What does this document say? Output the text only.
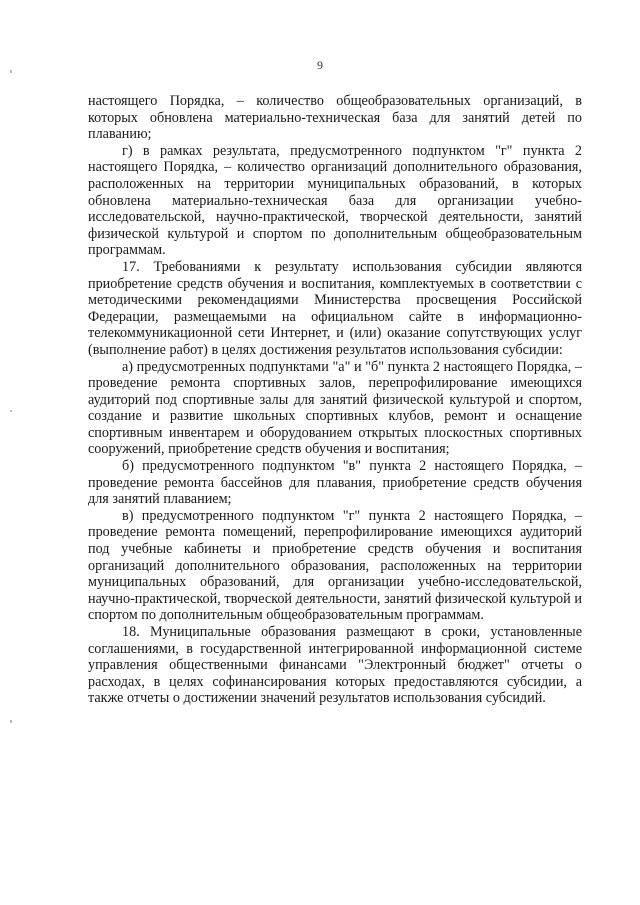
9

настоящего Порядка, – количество общеобразовательных организаций, в которых обновлена материально-техническая база для занятий детей по плаванию;

г) в рамках результата, предусмотренного подпунктом "г" пункта 2 настоящего Порядка, – количество организаций дополнительного образования, расположенных на территории муниципальных образований, в которых обновлена материально-техническая база для организации учебно-исследовательской, научно-практической, творческой деятельности, занятий физической культурой и спортом по дополнительным общеобразовательным программам.

17. Требованиями к результату использования субсидии являются приобретение средств обучения и воспитания, комплектуемых в соответствии с методическими рекомендациями Министерства просвещения Российской Федерации, размещаемыми на официальном сайте в информационно-телекоммуникационной сети Интернет, и (или) оказание сопутствующих услуг (выполнение работ) в целях достижения результатов использования субсидии:

а) предусмотренных подпунктами "а" и "б" пункта 2 настоящего Порядка, – проведение ремонта спортивных залов, перепрофилирование имеющихся аудиторий под спортивные залы для занятий физической культурой и спортом, создание и развитие школьных спортивных клубов, ремонт и оснащение спортивным инвентарем и оборудованием открытых плоскостных спортивных сооружений, приобретение средств обучения и воспитания;

б) предусмотренного подпунктом "в" пункта 2 настоящего Порядка, – проведение ремонта бассейнов для плавания, приобретение средств обучения для занятий плаванием;

в) предусмотренного подпунктом "г" пункта 2 настоящего Порядка, – проведение ремонта помещений, перепрофилирование имеющихся аудиторий под учебные кабинеты и приобретение средств обучения и воспитания организаций дополнительного образования, расположенных на территории муниципальных образований, для организации учебно-исследовательской, научно-практической, творческой деятельности, занятий физической культурой и спортом по дополнительным общеобразовательным программам.

18. Муниципальные образования размещают в сроки, установленные соглашениями, в государственной интегрированной информационной системе управления общественными финансами "Электронный бюджет" отчеты о расходах, в целях софинансирования которых предоставляются субсидии, а также отчеты о достижении значений результатов использования субсидий.
